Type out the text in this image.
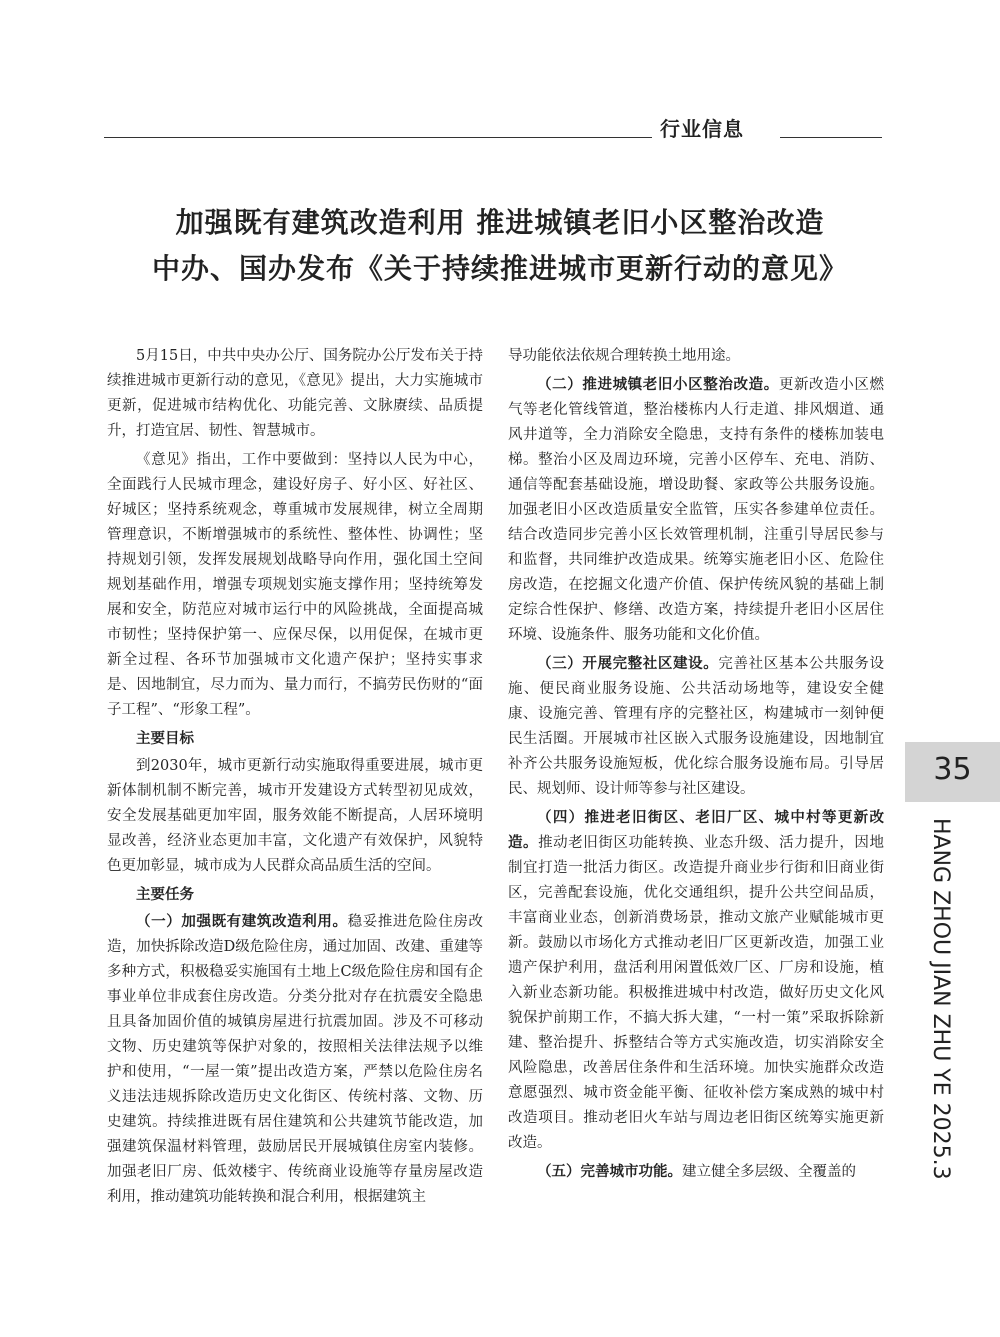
行业信息
加强既有建筑改造利用 推进城镇老旧小区整治改造
中办、国办发布《关于持续推进城市更新行动的意见》

5月15日，中共中央办公厅、国务院办公厅发布关于持续推进城市更新行动的意见，《意见》提出，大力实施城市更新，促进城市结构优化、功能完善、文脉赓续、品质提升，打造宜居、韧性、智慧城市。

《意见》指出，工作中要做到：坚持以人民为中心，全面践行人民城市理念，建设好房子、好小区、好社区、好城区；坚持系统观念，尊重城市发展规律，树立全周期管理意识，不断增强城市的系统性、整体性、协调性；坚持规划引领，发挥发展规划战略导向作用，强化国土空间规划基础作用，增强专项规划实施支撑作用；坚持统筹发展和安全，防范应对城市运行中的风险挑战，全面提高城市韧性；坚持保护第一、应保尽保，以用促保，在城市更新全过程、各环节加强城市文化遗产保护；坚持实事求是、因地制宜，尽力而为、量力而行，不搞劳民伤财的“面子工程”、“形象工程”。

主要目标

到2030年，城市更新行动实施取得重要进展，城市更新体制机制不断完善，城市开发建设方式转型初见成效，安全发展基础更加牢固，服务效能不断提高，人居环境明显改善，经济业态更加丰富，文化遗产有效保护，风貌特色更加彰显，城市成为人民群众高品质生活的空间。

主要任务

（一）加强既有建筑改造利用。稳妥推进危险住房改造，加快拆除改造D级危险住房，通过加固、改建、重建等多种方式，积极稳妥实施国有土地上C级危险住房和国有企事业单位非成套住房改造。分类分批对存在抗震安全隐患且具备加固价值的城镇房屋进行抗震加固。涉及不可移动文物、历史建筑等保护对象的，按照相关法律法规予以维护和使用，“一屋一策”提出改造方案，严禁以危险住房名义违法违规拆除改造历史文化街区、传统村落、文物、历史建筑。持续推进既有居住建筑和公共建筑节能改造，加强建筑保温材料管理，鼓励居民开展城镇住房室内装修。加强老旧厂房、低效楼宇、传统商业设施等存量房屋改造利用，推动建筑功能转换和混合利用，根据建筑主

导功能依法依规合理转换土地用途。

（二）推进城镇老旧小区整治改造。更新改造小区燃气等老化管线管道，整治楼栋内人行走道、排风烟道、通风井道等，全力消除安全隐患，支持有条件的楼栋加装电梯。整治小区及周边环境，完善小区停车、充电、消防、通信等配套基础设施，增设助餐、家政等公共服务设施。加强老旧小区改造质量安全监管，压实各参建单位责任。结合改造同步完善小区长效管理机制，注重引导居民参与和监督，共同维护改造成果。统筹实施老旧小区、危险住房改造，在挖掘文化遗产价值、保护传统风貌的基础上制定综合性保护、修缮、改造方案，持续提升老旧小区居住环境、设施条件、服务功能和文化价值。

（三）开展完整社区建设。完善社区基本公共服务设施、便民商业服务设施、公共活动场地等，建设安全健康、设施完善、管理有序的完整社区，构建城市一刻钟便民生活圈。开展城市社区嵌入式服务设施建设，因地制宜补齐公共服务设施短板，优化综合服务设施布局。引导居民、规划师、设计师等参与社区建设。

（四）推进老旧街区、老旧厂区、城中村等更新改造。推动老旧街区功能转换、业态升级、活力提升，因地制宜打造一批活力街区。改造提升商业步行街和旧商业街区，完善配套设施，优化交通组织，提升公共空间品质，丰富商业业态，创新消费场景，推动文旅产业赋能城市更新。鼓励以市场化方式推动老旧厂区更新改造，加强工业遗产保护利用，盘活利用闲置低效厂区、厂房和设施，植入新业态新功能。积极推进城中村改造，做好历史文化风貌保护前期工作，不搞大拆大建，“一村一策”采取拆除新建、整治提升、拆整结合等方式实施改造，切实消除安全风险隐患，改善居住条件和生活环境。加快实施群众改造意愿强烈、城市资金能平衡、征收补偿方案成熟的城中村改造项目。推动老旧火车站与周边老旧街区统筹实施更新改造。

（五）完善城市功能。建立健全多层级、全覆盖的

35
HANG ZHOU JIAN ZHU YE 2025.3
